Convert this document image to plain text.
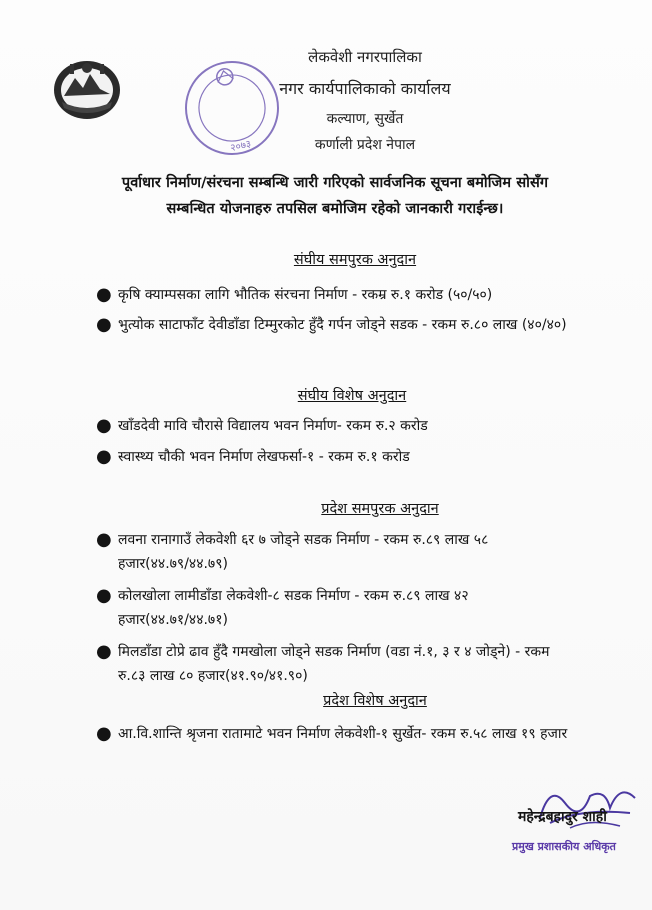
२०७३
लेकवेशी नगरपालिका
नगर कार्यपालिकाको कार्यालय
कल्याण, सुर्खेत
कर्णाली प्रदेश नेपाल
पूर्वाधार निर्माण/संरचना सम्बन्धि जारी गरिएको सार्वजनिक सूचना बमोजिम सोसँग
सम्बन्धित योजनाहरु तपसिल बमोजिम रहेको जानकारी गराईन्छ।
संघीय समपुरक अनुदान
● कृषि क्याम्पसका लागि भौतिक संरचना निर्माण - रकम्र रु.१ करोड (५०/५०)
● भुत्योक साटाफाँट देवीडाँडा टिम्मुरकोट हुँदै गर्पन जोड्ने सडक - रकम रु.८० लाख (४०/४०)
संघीय विशेष अनुदान
● खाँडदेवी मावि चौरासे विद्यालय भवन निर्माण- रकम रु.२ करोड
● स्वास्थ्य चौकी भवन निर्माण लेखफर्सा-१ - रकम रु.१ करोड
प्रदेश समपुरक अनुदान
● लवना रानागाउँ लेकवेशी ६र ७ जोड्ने सडक निर्माण - रकम रु.८९ लाख ५८
हजार(४४.७९/४४.७९)
● कोलखोला लामीडाँडा लेकवेशी-८ सडक निर्माण - रकम रु.८९ लाख ४२
हजार(४४.७१/४४.७१)
● मिलडाँडा टोप्रे ढाव हुँदै गमखोला जोड्ने सडक निर्माण (वडा नं.१, ३ र ४ जोड्ने) - रकम
रु.८३ लाख ८० हजार(४१.९०/४१.९०)
प्रदेश विशेष अनुदान
● आ.वि.शान्ति श्रृजना रातामाटे भवन निर्माण लेकवेशी-१ सुर्खेत- रकम रु.५८ लाख १९ हजार
महेन्द्रबहादुर शाही
प्रमुख प्रशासकीय अधिकृत
